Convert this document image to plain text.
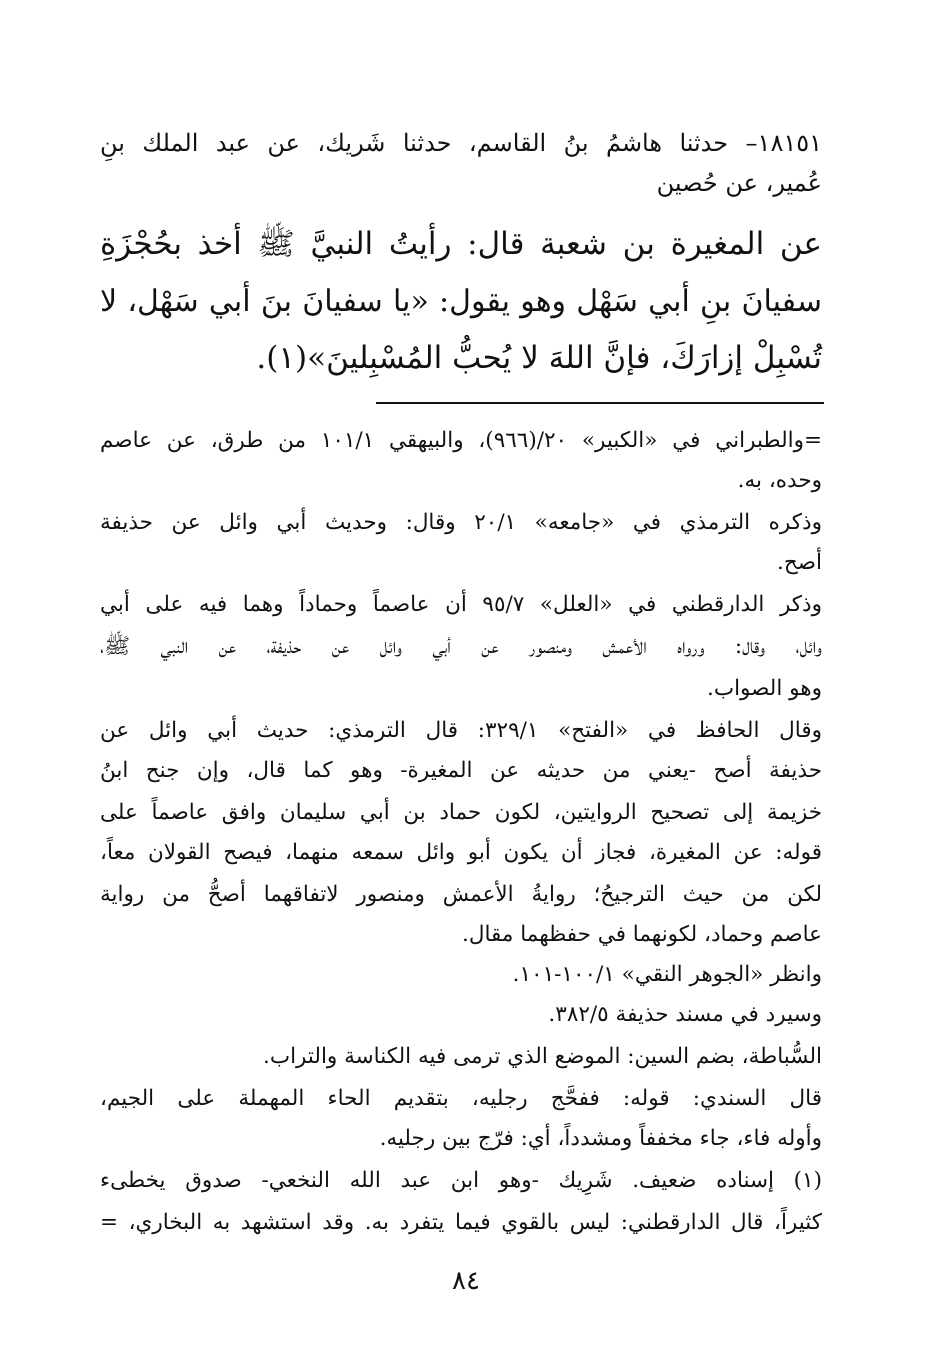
١٨١٥١– حدثنا هاشمُ بنُ القاسم، حدثنا شَريك، عن عبد الملك بنِ
عُمير، عن حُصين
عن المغيرة بن شعبة قال: رأيتُ النبيَّ ﷺ أخذ بحُجْزَةِ
سفيانَ بنِ أبي سَهْل وهو يقول: «يا سفيانَ بنَ أبي سَهْل، لا
تُسْبِلْ إزارَكَ، فإنَّ اللهَ لا يُحبُّ المُسْبِلينَ»(١).
=والطبراني في «الكبير» ٢٠/(٩٦٦)، والبيهقي ١٠١/١ من طرق، عن عاصم
وحده، به.
وذكره الترمذي في «جامعه» ٢٠/١ وقال: وحديث أبي وائل عن حذيفة
أصح.
وذكر الدارقطني في «العلل» ٩٥/٧ أن عاصماً وحماداً وهما فيه على أبي
وائل، وقال: ورواه الأعمش ومنصور عن أبي وائل عن حذيفة، عن النبي ﷺ،
وهو الصواب.
وقال الحافظ في «الفتح» ٣٢٩/١: قال الترمذي: حديث أبي وائل عن
حذيفة أصح -يعني من حديثه عن المغيرة- وهو كما قال، وإن جنح ابنُ
خزيمة إلى تصحيح الروايتين، لكون حماد بن أبي سليمان وافق عاصماً على
قوله: عن المغيرة، فجاز أن يكون أبو وائل سمعه منهما، فيصح القولان معاً،
لكن من حيث الترجيحُ؛ روايةُ الأعمش ومنصور لاتفاقهما أصحُّ من رواية
عاصم وحماد، لكونهما في حفظهما مقال.
وانظر «الجوهر النقي» ١٠٠/١-١٠١.
وسيرد في مسند حذيفة ٣٨٢/٥.
السُّباطة، بضم السين: الموضع الذي ترمى فيه الكناسة والتراب.
قال السندي: قوله: ففحَّج رجليه، بتقديم الحاء المهملة على الجيم،
وأوله فاء، جاء مخففاً ومشدداً، أي: فرّج بين رجليه.
(١) إسناده ضعيف. شَرِيك -وهو ابن عبد الله النخعي- صدوق يخطىء
كثيراً، قال الدارقطني: ليس بالقوي فيما يتفرد به. وقد استشهد به البخاري، =
٨٤
